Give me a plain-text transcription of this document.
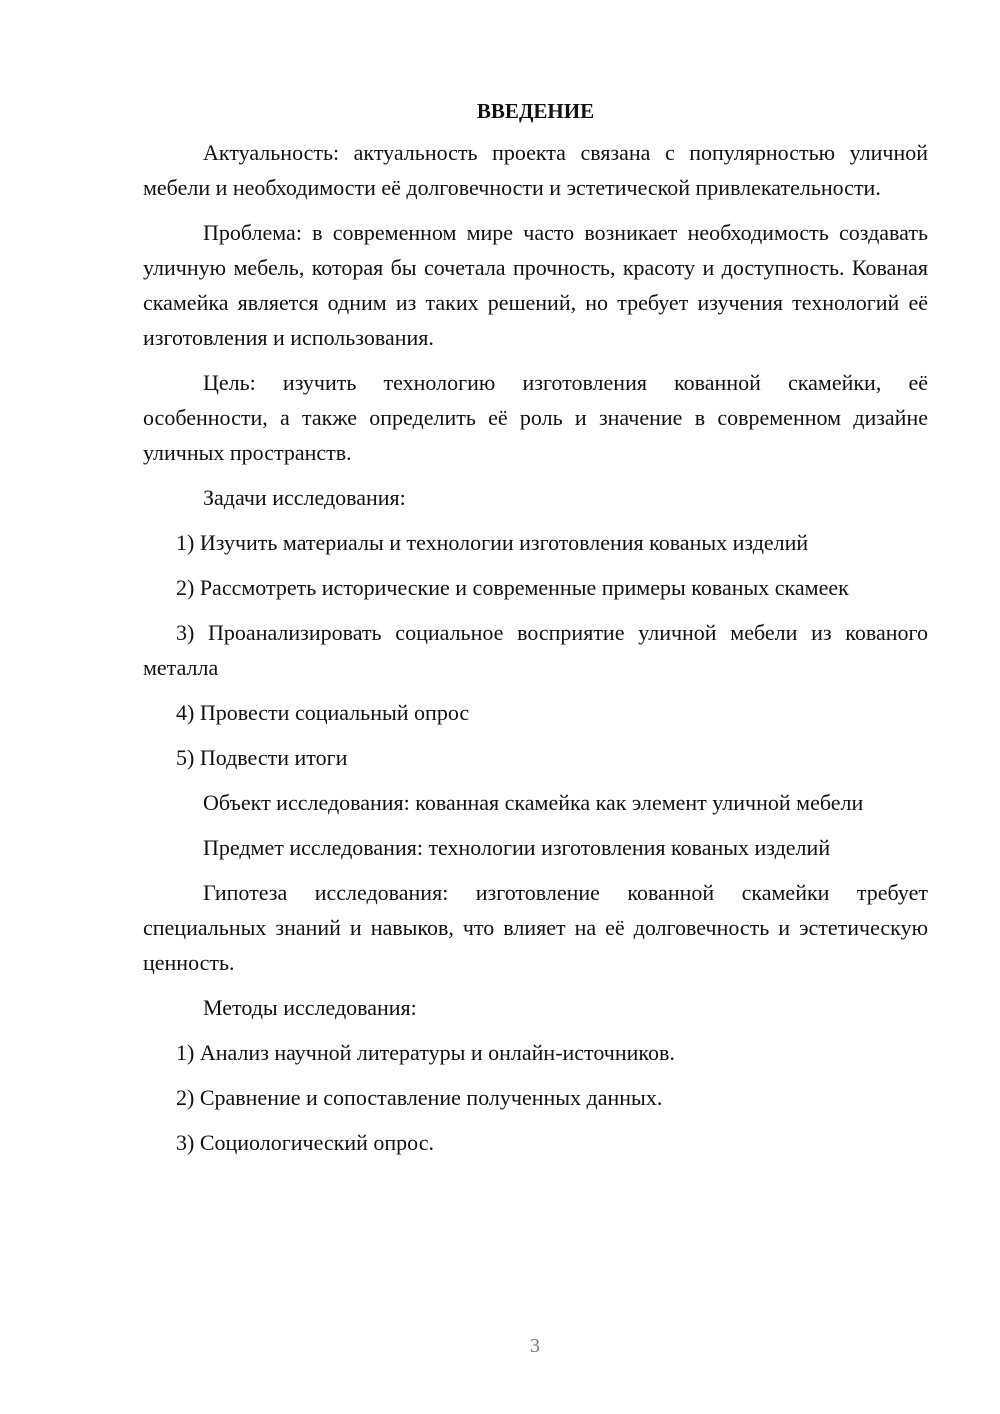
ВВЕДЕНИЕ

Актуальность: актуальность проекта связана с популярностью уличной мебели и необходимости её долговечности и эстетической привлекательности.

Проблема: в современном мире часто возникает необходимость создавать уличную мебель, которая бы сочетала прочность, красоту и доступность. Кованая скамейка является одним из таких решений, но требует изучения технологий её изготовления и использования.

Цель: изучить технологию изготовления кованной скамейки, её особенности, а также определить её роль и значение в современном дизайне уличных пространств.

Задачи исследования:

1) Изучить материалы и технологии изготовления кованых изделий

2) Рассмотреть исторические и современные примеры кованых скамеек

3) Проанализировать социальное восприятие уличной мебели из кованого металла

4) Провести социальный опрос

5) Подвести итоги

Объект исследования: кованная скамейка как элемент уличной мебели

Предмет исследования: технологии изготовления кованых изделий

Гипотеза исследования: изготовление кованной скамейки требует специальных знаний и навыков, что влияет на её долговечность и эстетическую ценность.

Методы исследования:

1) Анализ научной литературы и онлайн-источников.

2) Сравнение и сопоставление полученных данных.

3) Социологический опрос.

3
